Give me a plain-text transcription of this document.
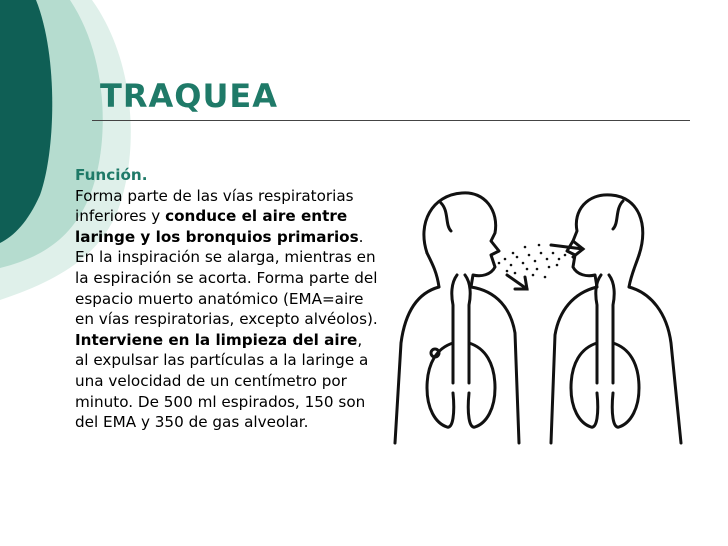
TRAQUEA
Función.
Forma parte de las vías respiratorias inferiores y conduce el aire entre laringe y los bronquios primarios. En la inspiración se alarga, mientras en la espiración se acorta. Forma parte del espacio muerto anatómico (EMA=aire en vías respiratorias, excepto alvéolos). Interviene en la limpieza del aire, al expulsar las partículas a la laringe a una velocidad de un centímetro por minuto. De 500 ml espirados, 150 son del EMA y 350 de gas alveolar.
